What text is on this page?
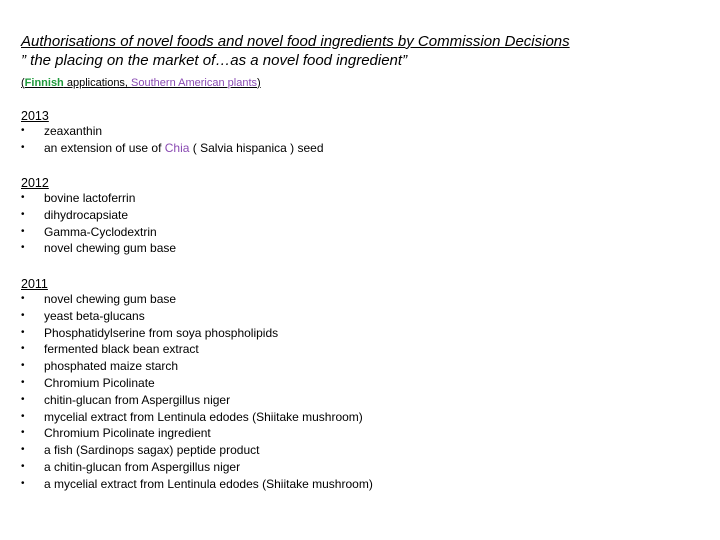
Authorisations of novel foods and novel food ingredients by Commission Decisions
” the placing on the market of…as a novel food ingredient”
(Finnish applications, Southern American plants)
2013
• zeaxanthin
• an extension of use of Chia ( Salvia hispanica ) seed
2012
• bovine lactoferrin
• dihydrocapsiate
• Gamma-Cyclodextrin
• novel chewing gum base
2011
• novel chewing gum base
• yeast beta-glucans
• Phosphatidylserine from soya phospholipids
• fermented black bean extract
• phosphated maize starch
• Chromium Picolinate
• chitin-glucan from Aspergillus niger
• mycelial extract from Lentinula edodes (Shiitake mushroom)
• Chromium Picolinate ingredient
• a fish (Sardinops sagax) peptide product
• a chitin-glucan from Aspergillus niger
• a mycelial extract from Lentinula edodes (Shiitake mushroom)
